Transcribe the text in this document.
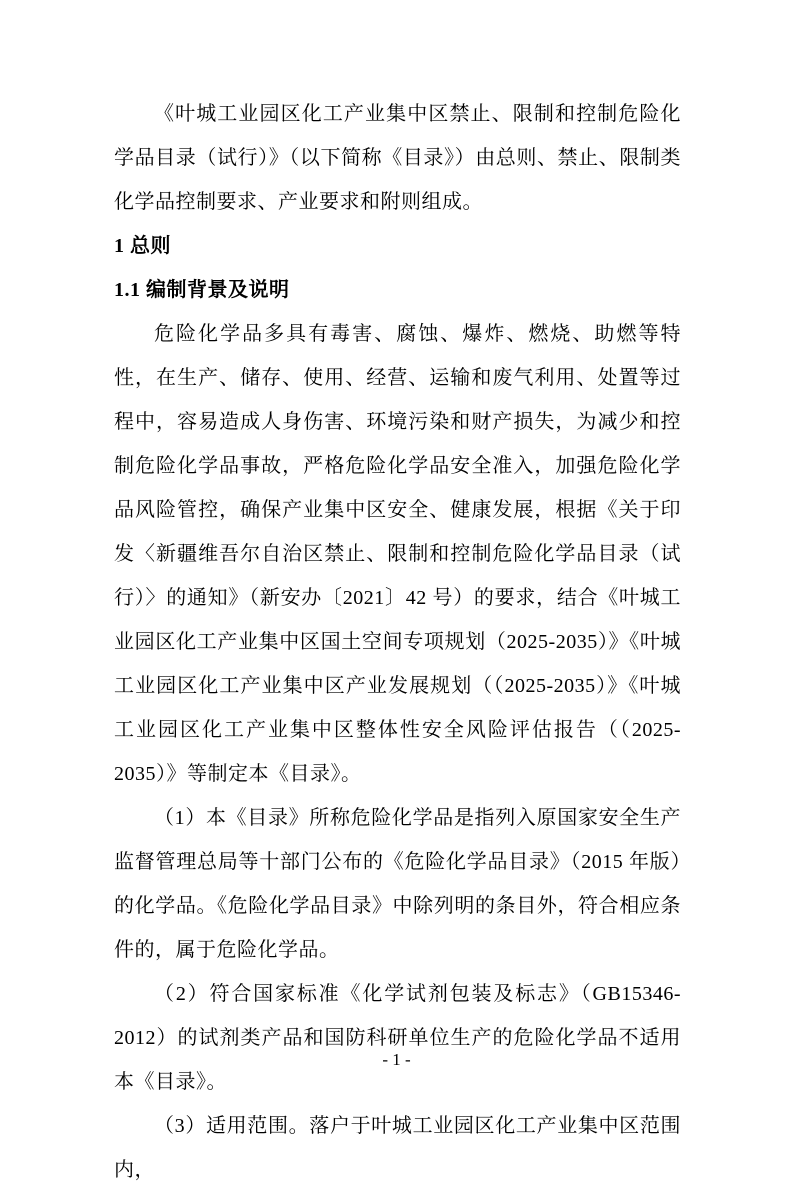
《叶城工业园区化工产业集中区禁止、限制和控制危险化学品目录（试行）》（以下简称《目录》）由总则、禁止、限制类化学品控制要求、产业要求和附则组成。

1 总则
1.1 编制背景及说明

危险化学品多具有毒害、腐蚀、爆炸、燃烧、助燃等特性，在生产、储存、使用、经营、运输和废气利用、处置等过程中，容易造成人身伤害、环境污染和财产损失，为减少和控制危险化学品事故，严格危险化学品安全准入，加强危险化学品风险管控，确保产业集中区安全、健康发展，根据《关于印发〈新疆维吾尔自治区禁止、限制和控制危险化学品目录（试行）〉的通知》（新安办〔2021〕42 号）的要求，结合《叶城工业园区化工产业集中区国土空间专项规划（2025-2035）》《叶城工业园区化工产业集中区产业发展规划（（2025-2035）》《叶城工业园区化工产业集中区整体性安全风险评估报告（（2025-2035）》等制定本《目录》。

（1）本《目录》所称危险化学品是指列入原国家安全生产监督管理总局等十部门公布的《危险化学品目录》（2015 年版）的化学品。《危险化学品目录》中除列明的条目外，符合相应条件的，属于危险化学品。

（2）符合国家标准《化学试剂包装及标志》（GB15346-2012）的试剂类产品和国防科研单位生产的危险化学品不适用本《目录》。

（3）适用范围。落户于叶城工业园区化工产业集中区范围内，

- 1 -
